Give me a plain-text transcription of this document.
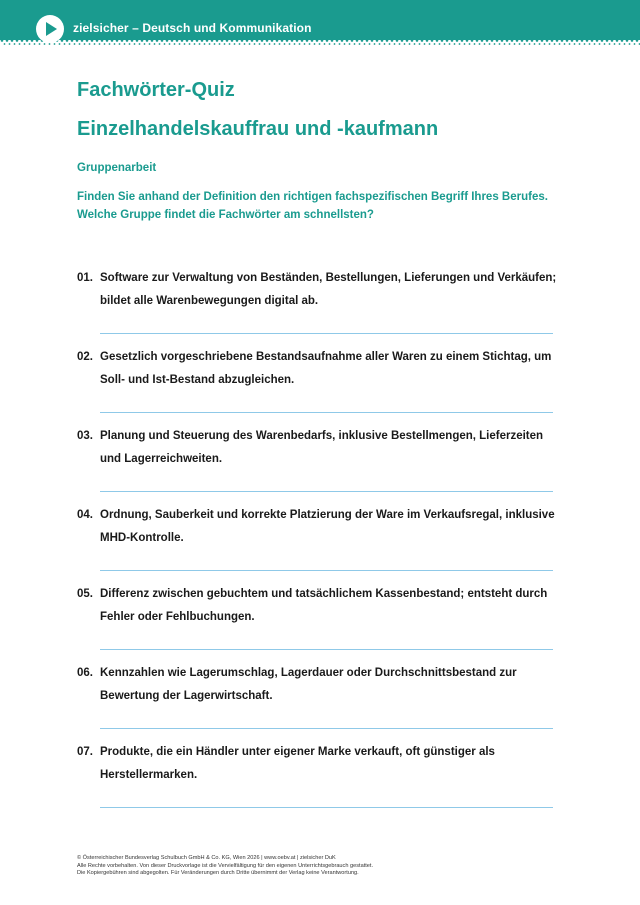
zielsicher – Deutsch und Kommunikation
Fachwörter-Quiz
Einzelhandelskauffrau und -kaufmann
Gruppenarbeit
Finden Sie anhand der Definition den richtigen fachspezifischen Begriff Ihres Berufes. Welche Gruppe findet die Fachwörter am schnellsten?
01. Software zur Verwaltung von Beständen, Bestellungen, Lieferungen und Verkäufen; bildet alle Warenbewegungen digital ab.
02. Gesetzlich vorgeschriebene Bestandsaufnahme aller Waren zu einem Stichtag, um Soll- und Ist-Bestand abzugleichen.
03. Planung und Steuerung des Warenbedarfs, inklusive Bestellmengen, Lieferzeiten und Lagerreichweiten.
04. Ordnung, Sauberkeit und korrekte Platzierung der Ware im Verkaufsregal, inklusive MHD-Kontrolle.
05. Differenz zwischen gebuchtem und tatsächlichem Kassenbestand; entsteht durch Fehler oder Fehlbuchungen.
06. Kennzahlen wie Lagerumschlag, Lagerdauer oder Durchschnittsbestand zur Bewertung der Lagerwirtschaft.
07. Produkte, die ein Händler unter eigener Marke verkauft, oft günstiger als Herstellermarken.
© Österreichischer Bundesverlag Schulbuch GmbH & Co. KG, Wien 2026 | www.oebv.at | zielsicher DuK
Alle Rechte vorbehalten. Von dieser Druckvorlage ist die Vervielfältigung für den eigenen Unterrichtsgebrauch gestattet.
Die Kopiergebühren sind abgegolten. Für Veränderungen durch Dritte übernimmt der Verlag keine Verantwortung.
